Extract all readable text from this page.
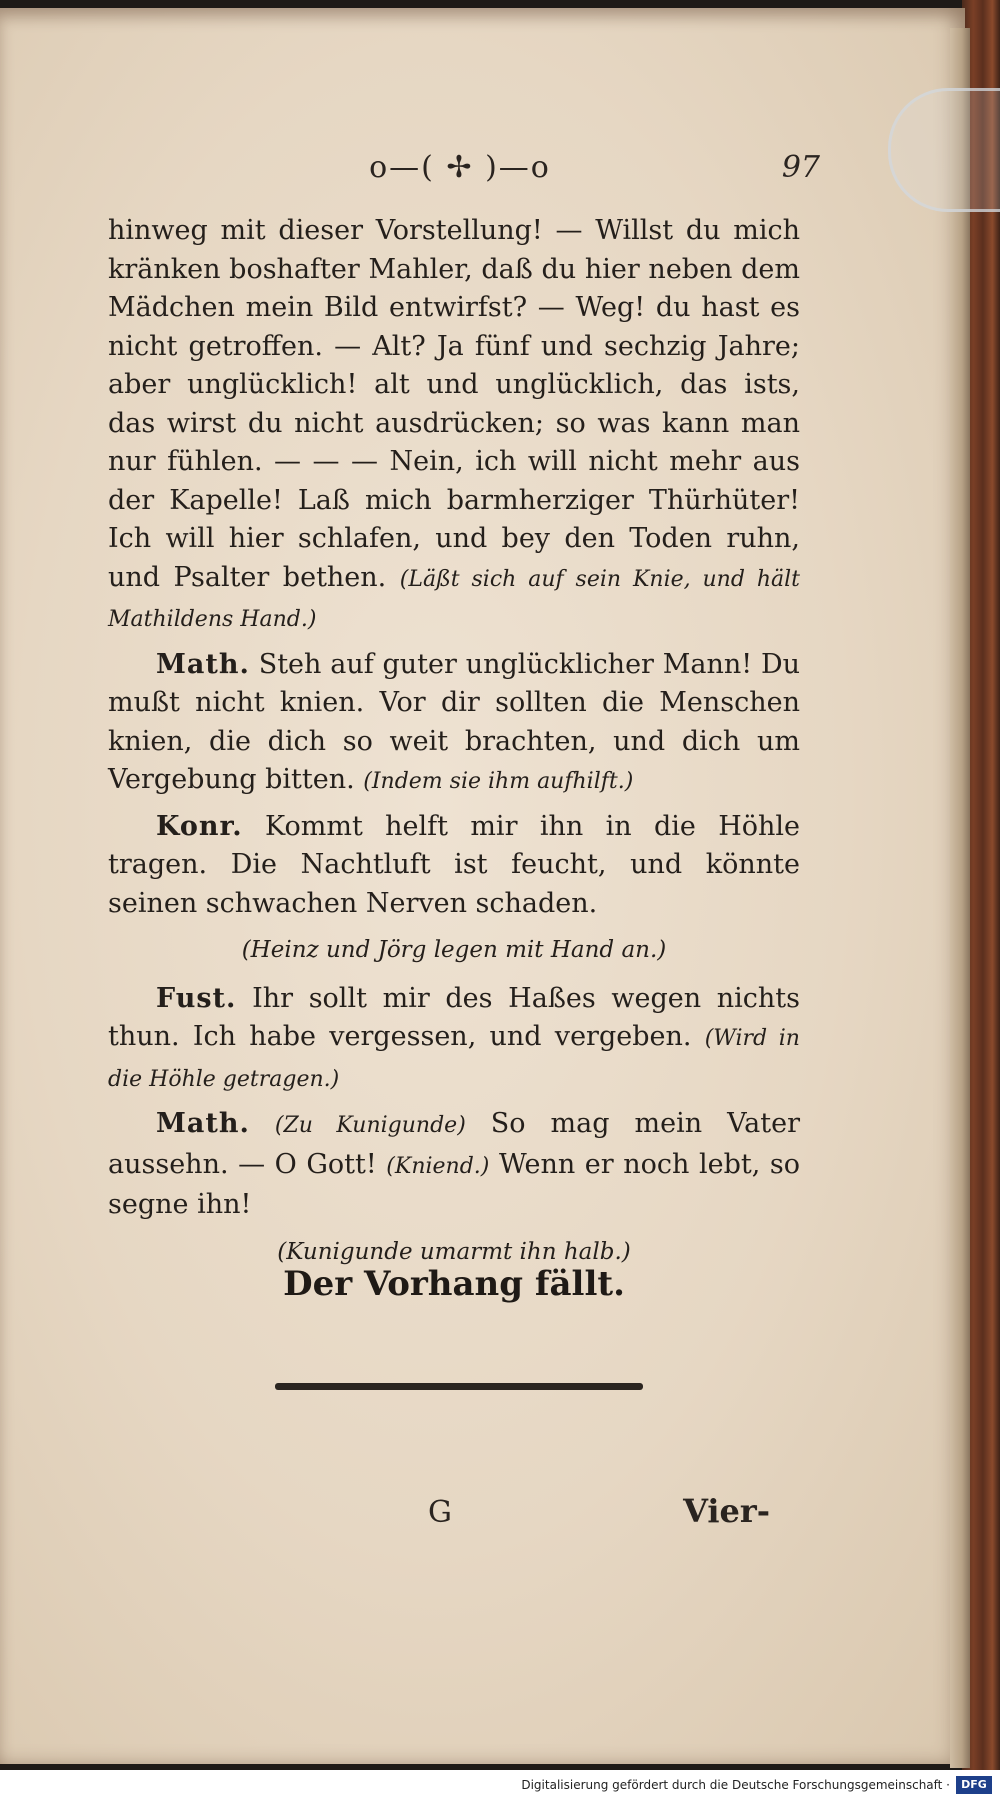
o—( ✢ )—o	97

hinweg mit dieser Vorstellung! — Willst du mich kränken boshafter Mahler, daß du hier neben dem Mädchen mein Bild entwirfst? — Weg! du hast es nicht getroffen. — Alt? Ja fünf und sechzig Jahre; aber unglücklich! alt und unglücklich, das ists, das wirst du nicht ausdrücken; so was kann man nur fühlen. — — — Nein, ich will nicht mehr aus der Kapelle! Laß mich barmherziger Thürhüter! Ich will hier schlafen, und bey den Toden ruhn, und Psalter bethen. (Läßt sich auf sein Knie, und hält Mathildens Hand.)

Math. Steh auf guter unglücklicher Mann! Du mußt nicht knien. Vor dir sollten die Menschen knien, die dich so weit brachten, und dich um Vergebung bitten. (Indem sie ihm aufhilft.)

Konr. Kommt helft mir ihn in die Höhle tragen. Die Nachtluft ist feucht, und könnte seinen schwachen Nerven schaden.

(Heinz und Jörg legen mit Hand an.)

Fust. Ihr sollt mir des Haßes wegen nichts thun. Ich habe vergessen, und vergeben. (Wird in die Höhle getragen.)

Math. (Zu Kunigunde) So mag mein Vater aussehn. — O Gott! (Kniend.) Wenn er noch lebt, so segne ihn!

(Kunigunde umarmt ihn halb.)

Der Vorhang fällt.
G	Vier-
Digitalisierung gefördert durch die Deutsche Forschungsgemeinschaft ·	DFG
